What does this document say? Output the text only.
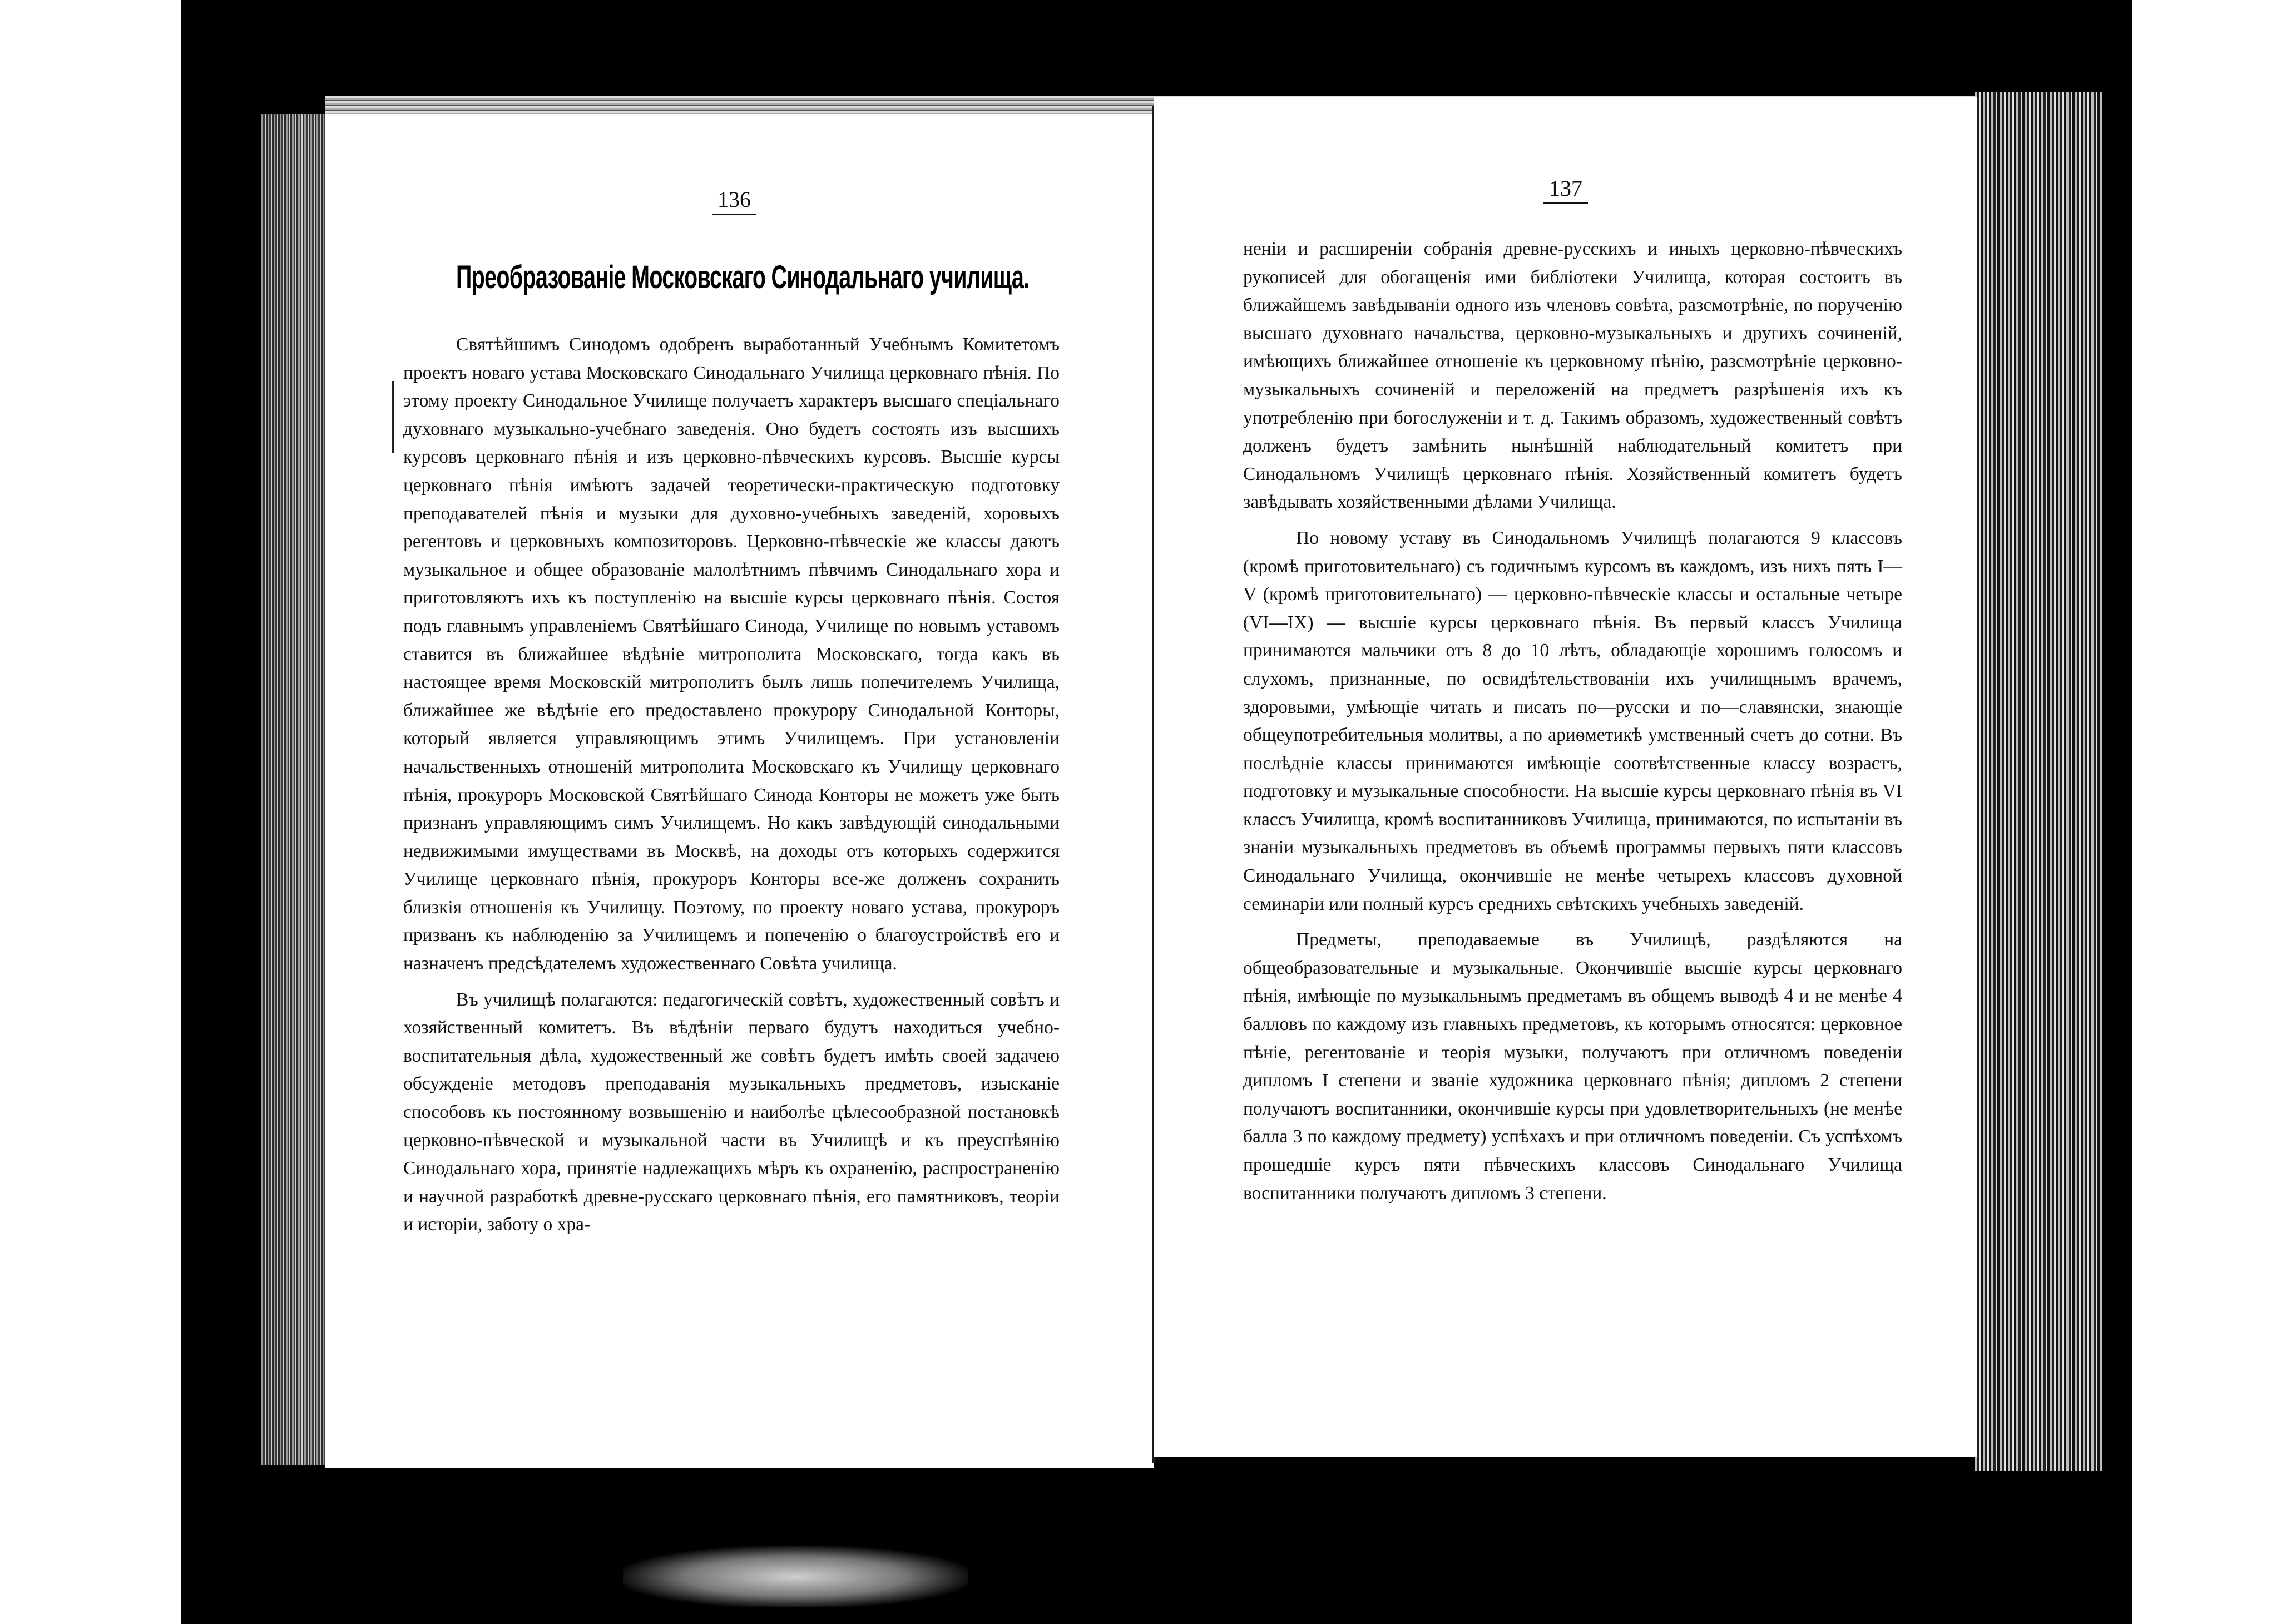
136
Преобразованіе Московскаго Синодальнаго училища.

Святѣйшимъ Синодомъ одобренъ выработанный Учебнымъ Комитетомъ проектъ новаго устава Московскаго Синодальнаго Училища церковнаго пѣнія. По этому проекту Синодальное Училище получаетъ характеръ высшаго спеціальнаго духовнаго музыкально-учебнаго заведенія. Оно будетъ состоять изъ высшихъ курсовъ церковнаго пѣнія и изъ церковно-пѣвческихъ курсовъ. Высшіе курсы церковнаго пѣнія имѣютъ задачей теоретически-практическую подготовку преподавателей пѣнія и музыки для духовно-учебныхъ заведеній, хоровыхъ регентовъ и церковныхъ композиторовъ. Церковно-пѣвческіе же классы даютъ музыкальное и общее образованіе малолѣтнимъ пѣвчимъ Синодальнаго хора и приготовляютъ ихъ къ поступленію на высшіе курсы церковнаго пѣнія. Состоя подъ главнымъ управленіемъ Святѣйшаго Синода, Училище по новымъ уставомъ ставится въ ближайшее вѣдѣніе митрополита Московскаго, тогда какъ въ настоящее время Московскій митрополитъ былъ лишь попечителемъ Училища, ближайшее же вѣдѣніе его предоставлено прокурору Синодальной Конторы, который является управляющимъ этимъ Училищемъ. При установленіи начальственныхъ отношеній митрополита Московскаго къ Училищу церковнаго пѣнія, прокуроръ Московской Святѣйшаго Синода Конторы не можетъ уже быть признанъ управляющимъ симъ Училищемъ. Но какъ завѣдующій синодальными недвижимыми имуществами въ Москвѣ, на доходы отъ которыхъ содержится Училище церковнаго пѣнія, прокуроръ Конторы все-же долженъ сохранить близкія отношенія къ Училищу. Поэтому, по проекту новаго устава, прокуроръ призванъ къ наблюденію за Училищемъ и попеченію о благоустройствѣ его и назначенъ предсѣдателемъ художественнаго Совѣта училища.

Въ училищѣ полагаются: педагогическій совѣтъ, художественный совѣтъ и хозяйственный комитетъ. Въ вѣдѣніи перваго будутъ находиться учебно-воспитательныя дѣла, художественный же совѣтъ будетъ имѣть своей задачею обсужденіе методовъ преподаванія музыкальныхъ предметовъ, изысканіе способовъ къ постоянному возвышенію и наиболѣе цѣлесообразной постановкѣ церковно-пѣвческой и музыкальной части въ Училищѣ и къ преуспѣянію Синодальнаго хора, принятіе надлежащихъ мѣръ къ охраненію, распространенію и научной разработкѣ древне-русскаго церковнаго пѣнія, его памятниковъ, теоріи и исторіи, заботу о хра-

137

неніи и расширеніи собранія древне-русскихъ и иныхъ церковно-пѣвческихъ рукописей для обогащенія ими библіотеки Училища, которая состоитъ въ ближайшемъ завѣдываніи одного изъ членовъ совѣта, разсмотрѣніе, по порученію высшаго духовнаго начальства, церковно-музыкальныхъ и другихъ сочиненій, имѣющихъ ближайшее отношеніе къ церковному пѣнію, разсмотрѣніе церковно-музыкальныхъ сочиненій и переложеній на предметъ разрѣшенія ихъ къ употребленію при богослуженіи и т. д. Такимъ образомъ, художественный совѣтъ долженъ будетъ замѣнить нынѣшній наблюдательный комитетъ при Синодальномъ Училищѣ церковнаго пѣнія. Хозяйственный комитетъ будетъ завѣдывать хозяйственными дѣлами Училища.

По новому уставу въ Синодальномъ Училищѣ полагаются 9 классовъ (кромѣ приготовительнаго) съ годичнымъ курсомъ въ каждомъ, изъ нихъ пять I—V (кромѣ приготовительнаго) — церковно-пѣвческіе классы и остальные четыре (VI—IX) — высшіе курсы церковнаго пѣнія. Въ первый классъ Училища принимаются мальчики отъ 8 до 10 лѣтъ, обладающіе хорошимъ голосомъ и слухомъ, признанные, по освидѣтельствованіи ихъ училищнымъ врачемъ, здоровыми, умѣющіе читать и писать по—русски и по—славянски, знающіе общеупотребительныя молитвы, а по ариѳметикѣ умственный счетъ до сотни. Въ послѣдніе классы принимаются имѣющіе соотвѣтственные классу возрастъ, подготовку и музыкальные способности. На высшіе курсы церковнаго пѣнія въ VI классъ Училища, кромѣ воспитанниковъ Училища, принимаются, по испытаніи въ знаніи музыкальныхъ предметовъ въ объемѣ программы первыхъ пяти классовъ Синодальнаго Училища, окончившіе не менѣе четырехъ классовъ духовной семинаріи или полный курсъ среднихъ свѣтскихъ учебныхъ заведеній.

Предметы, преподаваемые въ Училищѣ, раздѣляются на общеобразовательные и музыкальные. Окончившіе высшіе курсы церковнаго пѣнія, имѣющіе по музыкальнымъ предметамъ въ общемъ выводѣ 4 и не менѣе 4 балловъ по каждому изъ главныхъ предметовъ, къ которымъ относятся: церковное пѣніе, регентованіе и теорія музыки, получаютъ при отличномъ поведеніи дипломъ I степени и званіе художника церковнаго пѣнія; дипломъ 2 степени получаютъ воспитанники, окончившіе курсы при удовлетворительныхъ (не менѣе балла 3 по каждому предмету) успѣхахъ и при отличномъ поведеніи. Съ успѣхомъ прошедшіе курсъ пяти пѣвческихъ классовъ Синодальнаго Училища воспитанники получаютъ дипломъ 3 степени.
